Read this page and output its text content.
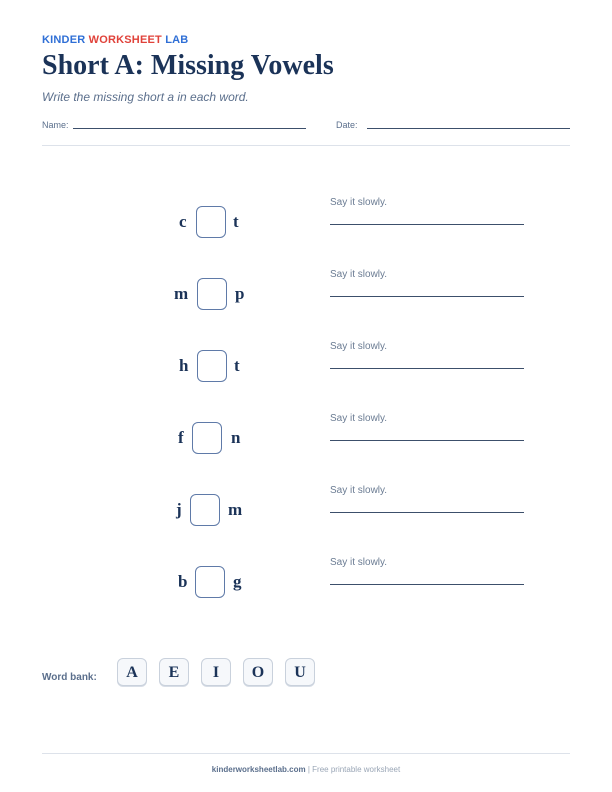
KINDER WORKSHEET LAB
Short A: Missing Vowels
Write the missing short a in each word.
Name:	Date:
c	t
Say it slowly.
m	p
Say it slowly.
h	t
Say it slowly.
f	n
Say it slowly.
j	m
Say it slowly.
b	g
Say it slowly.
Word bank:	A	E	I	O	U
kinderworksheetlab.com | Free printable worksheet
